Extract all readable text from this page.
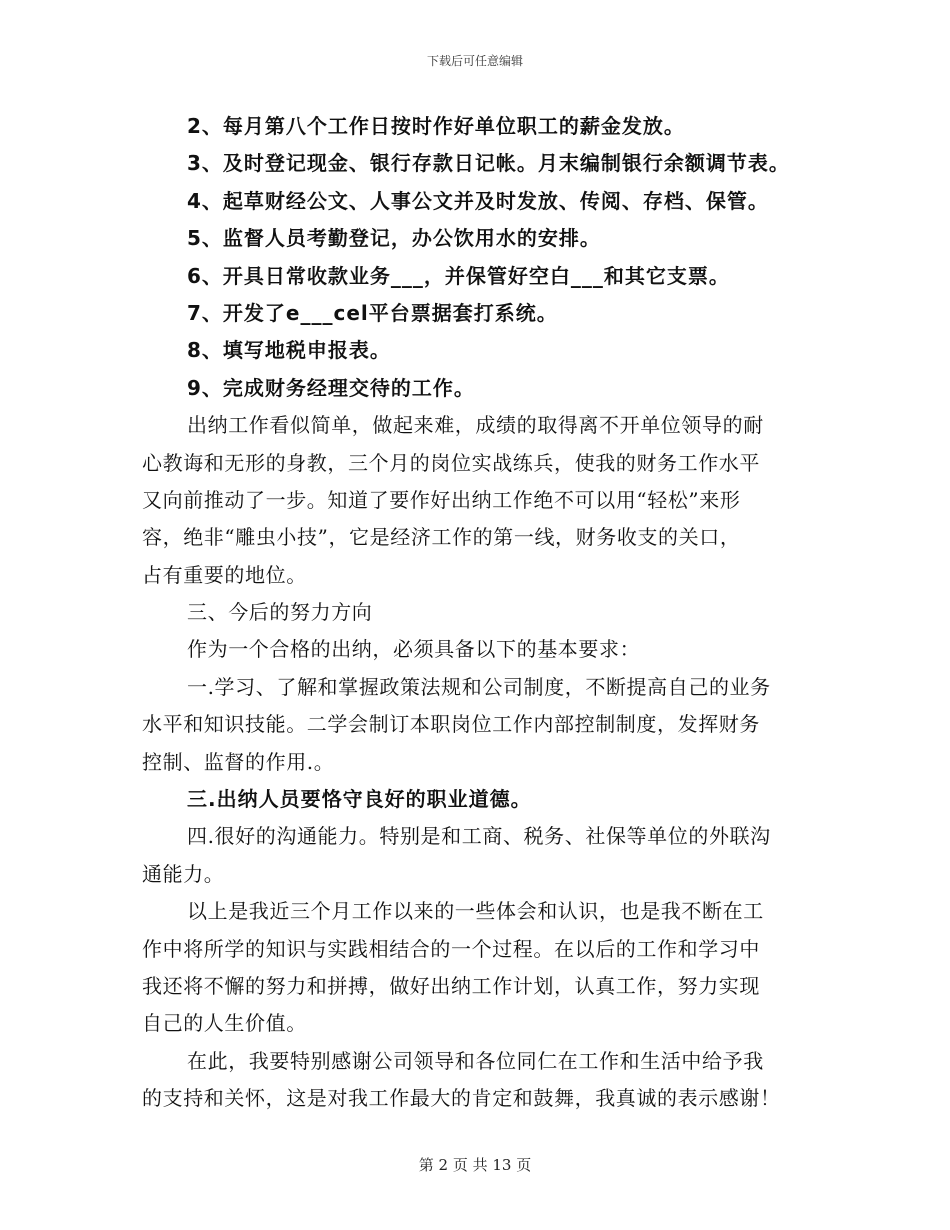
下载后可任意编辑
2、每月第八个工作日按时作好单位职工的薪金发放。
3、及时登记现金、银行存款日记帐。月末编制银行余额调节表。
4、起草财经公文、人事公文并及时发放、传阅、存档、保管。
5、监督人员考勤登记，办公饮用水的安排。
6、开具日常收款业务___，并保管好空白___和其它支票。
7、开发了e___cel平台票据套打系统。
8、填写地税申报表。
9、完成财务经理交待的工作。
出纳工作看似简单，做起来难，成绩的取得离不开单位领导的耐
心教诲和无形的身教，三个月的岗位实战练兵，使我的财务工作水平
又向前推动了一步。知道了要作好出纳工作绝不可以用“轻松”来形
容，绝非“雕虫小技”，它是经济工作的第一线，财务收支的关口，
占有重要的地位。
三、今后的努力方向
作为一个合格的出纳，必须具备以下的基本要求：
一.学习、了解和掌握政策法规和公司制度，不断提高自己的业务
水平和知识技能。二学会制订本职岗位工作内部控制制度，发挥财务
控制、监督的作用.。
三.出纳人员要恪守良好的职业道德。
四.很好的沟通能力。特别是和工商、税务、社保等单位的外联沟
通能力。
以上是我近三个月工作以来的一些体会和认识，也是我不断在工
作中将所学的知识与实践相结合的一个过程。在以后的工作和学习中
我还将不懈的努力和拼搏，做好出纳工作计划，认真工作，努力实现
自己的人生价值。
在此，我要特别感谢公司领导和各位同仁在工作和生活中给予我
的支持和关怀，这是对我工作最大的肯定和鼓舞，我真诚的表示感谢！
第 2 页 共 13 页
